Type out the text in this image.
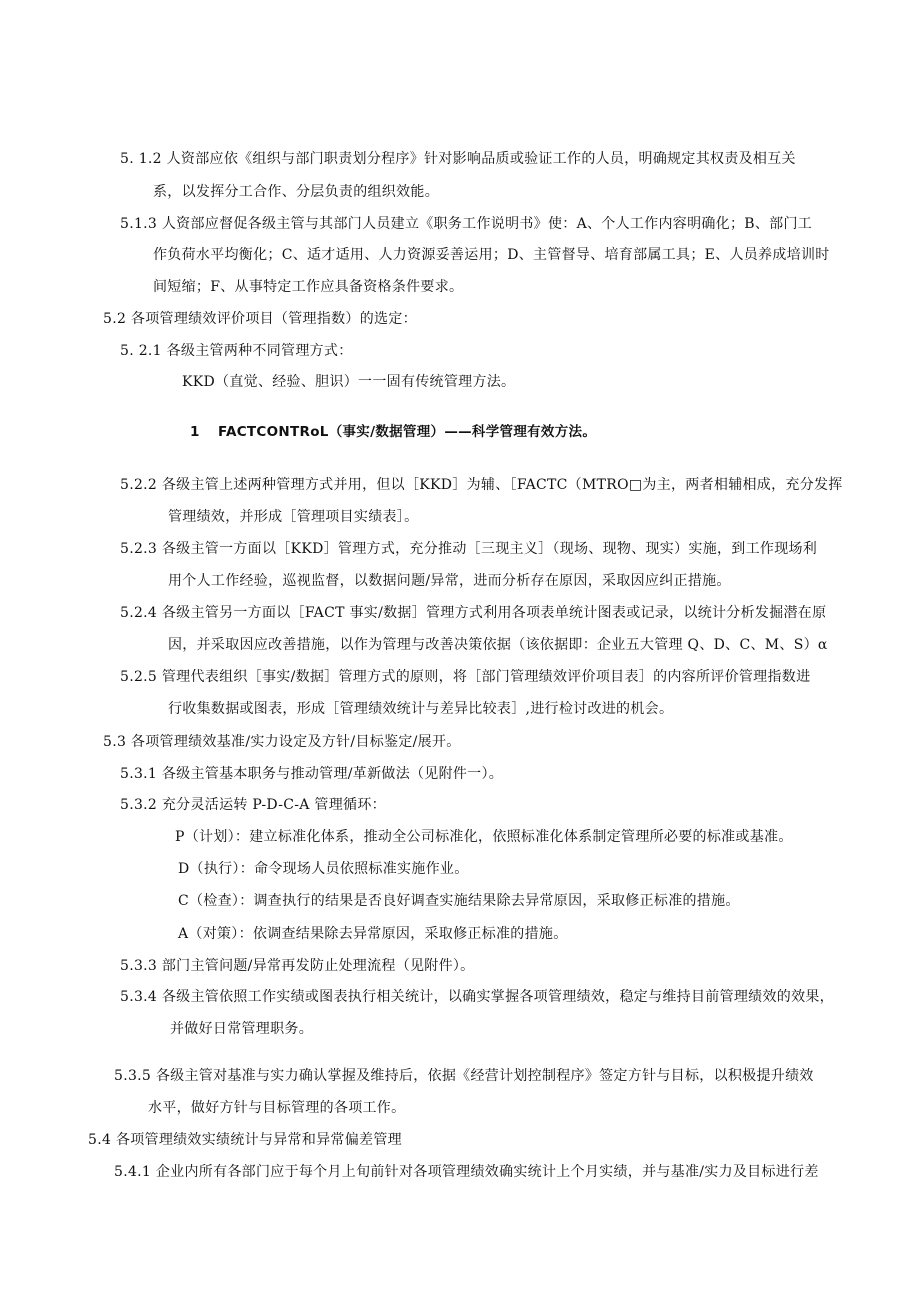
5. 1.2 人资部应依《组织与部门职责划分程序》针对影响品质或验证工作的人员，明确规定其权责及相互关
系，以发挥分工合作、分层负责的组织效能。
5.1.3 人资部应督促各级主管与其部门人员建立《职务工作说明书》使：A、个人工作内容明确化；B、部门工
作负荷水平均衡化；C、适才适用、人力资源妥善运用；D、主管督导、培育部属工具；E、人员养成培训时
间短缩；F、从事特定工作应具备资格条件要求。
5.2 各项管理绩效评价项目（管理指数）的选定：
5. 2.1 各级主管两种不同管理方式：
KKD（直觉、经验、胆识）一一固有传统管理方法。
1 FACTCONTRoL（事实/数据管理）——科学管理有效方法。
5.2.2 各级主管上述两种管理方式并用，但以［KKD］为辅、［FACTC（MTRO□为主，两者相辅相成，充分发挥
管理绩效，并形成［管理项目实绩表］。
5.2.3 各级主管一方面以［KKD］管理方式，充分推动［三现主义］（现场、现物、现实）实施，到工作现场利
用个人工作经验，巡视监督，以数据问题/异常，进而分析存在原因，采取因应纠正措施。
5.2.4 各级主管另一方面以［FACT 事实/数据］管理方式利用各项表单统计图表或记录，以统计分析发掘潜在原
因，并采取因应改善措施，以作为管理与改善决策依据（该依据即：企业五大管理 Q、D、C、M、S）α
5.2.5 管理代表组织［事实/数据］管理方式的原则，将［部门管理绩效评价项目表］的内容所评价管理指数进
行收集数据或图表，形成［管理绩效统计与差异比较表］,进行检讨改进的机会。
5.3 各项管理绩效基准/实力设定及方针/目标鉴定/展开。
5.3.1 各级主管基本职务与推动管理/革新做法（见附件一）。
5.3.2 充分灵活运转 P-D-C-A 管理循环：
P（计划）：建立标准化体系，推动全公司标准化，依照标准化体系制定管理所必要的标准或基准。
D（执行）：命令现场人员依照标准实施作业。
C（检查）：调查执行的结果是否良好调查实施结果除去异常原因，采取修正标准的措施。
A（对策）：依调查结果除去异常原因，采取修正标准的措施。
5.3.3 部门主管问题/异常再发防止处理流程（见附件）。
5.3.4 各级主管依照工作实绩或图表执行相关统计，以确实掌握各项管理绩效，稳定与维持目前管理绩效的效果，
并做好日常管理职务。
5.3.5 各级主管对基准与实力确认掌握及维持后，依据《经营计划控制程序》签定方针与目标，以积极提升绩效
水平，做好方针与目标管理的各项工作。
5.4 各项管理绩效实绩统计与异常和异常偏差管理
5.4.1 企业内所有各部门应于每个月上旬前针对各项管理绩效确实统计上个月实绩，并与基准/实力及目标进行差
